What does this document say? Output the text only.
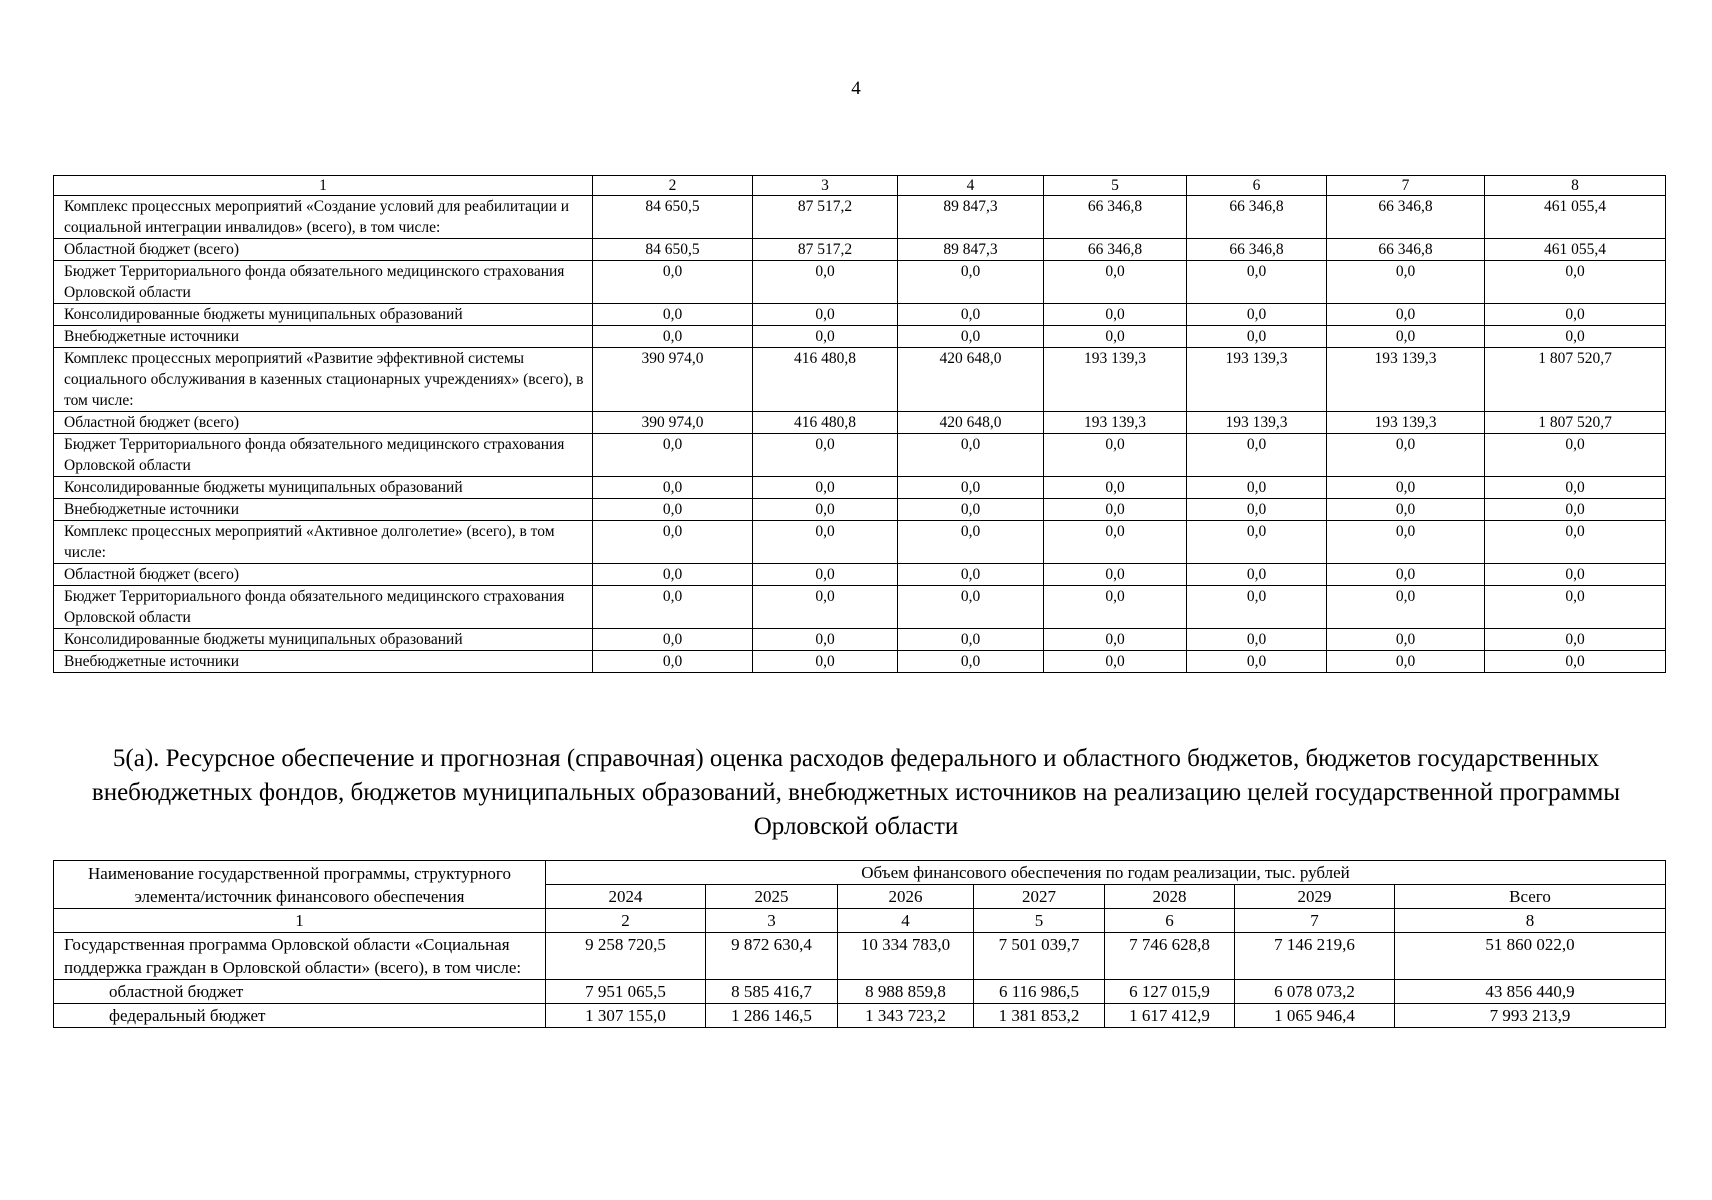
4
1	2	3	4	5	6	7	8
Комплекс процессных мероприятий «Создание условий для реабилитации и социальной интеграции инвалидов» (всего), в том числе:	84 650,5	87 517,2	89 847,3	66 346,8	66 346,8	66 346,8	461 055,4
Областной бюджет (всего)	84 650,5	87 517,2	89 847,3	66 346,8	66 346,8	66 346,8	461 055,4
Бюджет Территориального фонда обязательного медицинского страхования Орловской области	0,0	0,0	0,0	0,0	0,0	0,0	0,0
Консолидированные бюджеты муниципальных образований	0,0	0,0	0,0	0,0	0,0	0,0	0,0
Внебюджетные источники	0,0	0,0	0,0	0,0	0,0	0,0	0,0
Комплекс процессных мероприятий «Развитие эффективной системы социального обслуживания в казенных стационарных учреждениях» (всего), в том числе:	390 974,0	416 480,8	420 648,0	193 139,3	193 139,3	193 139,3	1 807 520,7
Областной бюджет (всего)	390 974,0	416 480,8	420 648,0	193 139,3	193 139,3	193 139,3	1 807 520,7
Бюджет Территориального фонда обязательного медицинского страхования Орловской области	0,0	0,0	0,0	0,0	0,0	0,0	0,0
Консолидированные бюджеты муниципальных образований	0,0	0,0	0,0	0,0	0,0	0,0	0,0
Внебюджетные источники	0,0	0,0	0,0	0,0	0,0	0,0	0,0
Комплекс процессных мероприятий «Активное долголетие» (всего), в том числе:	0,0	0,0	0,0	0,0	0,0	0,0	0,0
Областной бюджет (всего)	0,0	0,0	0,0	0,0	0,0	0,0	0,0
Бюджет Территориального фонда обязательного медицинского страхования Орловской области	0,0	0,0	0,0	0,0	0,0	0,0	0,0
Консолидированные бюджеты муниципальных образований	0,0	0,0	0,0	0,0	0,0	0,0	0,0
Внебюджетные источники	0,0	0,0	0,0	0,0	0,0	0,0	0,0
5(а). Ресурсное обеспечение и прогнозная (справочная) оценка расходов федерального и областного бюджетов, бюджетов государственных внебюджетных фондов, бюджетов муниципальных образований, внебюджетных источников на реализацию целей государственной программы Орловской области
Наименование государственной программы, структурного элемента/источник финансового обеспечения	Объем финансового обеспечения по годам реализации, тыс. рублей						
	2024	2025	2026	2027	2028	2029	Всего
1	2	3	4	5	6	7	8
Государственная программа Орловской области «Социальная поддержка граждан в Орловской области» (всего), в том числе:	9 258 720,5	9 872 630,4	10 334 783,0	7 501 039,7	7 746 628,8	7 146 219,6	51 860 022,0
областной бюджет	7 951 065,5	8 585 416,7	8 988 859,8	6 116 986,5	6 127 015,9	6 078 073,2	43 856 440,9
федеральный бюджет	1 307 155,0	1 286 146,5	1 343 723,2	1 381 853,2	1 617 412,9	1 065 946,4	7 993 213,9
